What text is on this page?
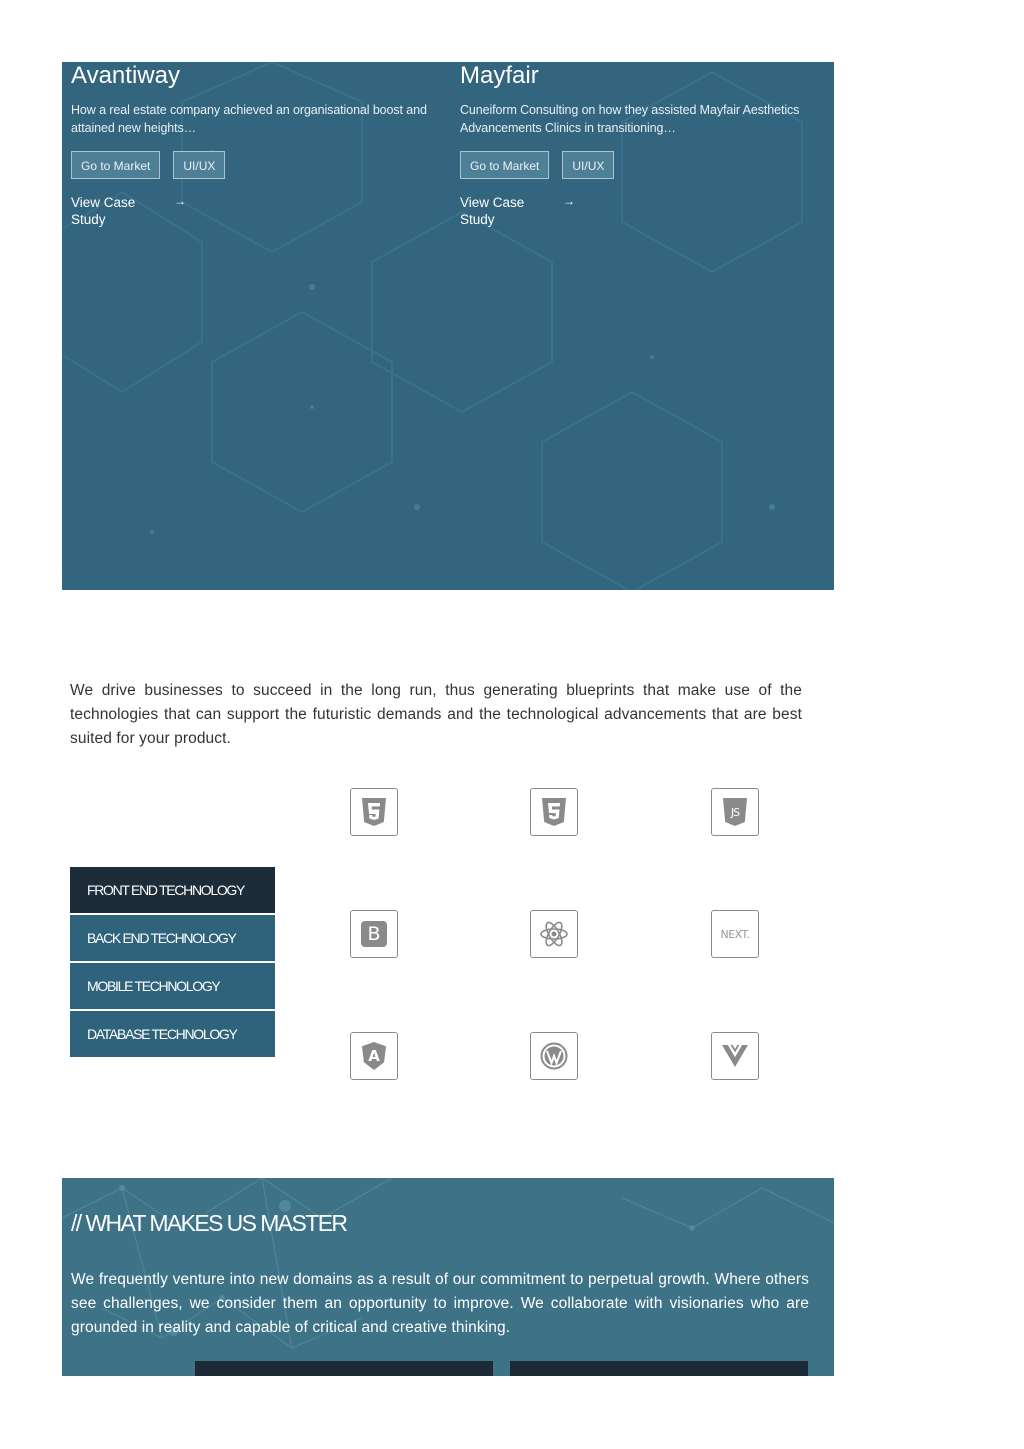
Avantiway
How a real estate company achieved an organisational boost and attained new heights…
Go to Market	UI/UX
View Case Study
→
Mayfair
Cuneiform Consulting on how they assisted Mayfair Aesthetics Advancements Clinics in transitioning…
Go to Market	UI/UX
View Case Study
→

We drive businesses to succeed in the long run, thus generating blueprints that make use of the technologies that can support the futuristic demands and the technological advancements that are best suited for your product.

FRONT END TECHNOLOGY
BACK END TECHNOLOGY
MOBILE TECHNOLOGY
DATABASE TECHNOLOGY
JS
B	NEXT.
A
// WHAT MAKES US MASTER

We frequently venture into new domains as a result of our commitment to perpetual growth. Where others see challenges, we consider them an opportunity to improve. We collaborate with visionaries who are grounded in reality and capable of critical and creative thinking.
